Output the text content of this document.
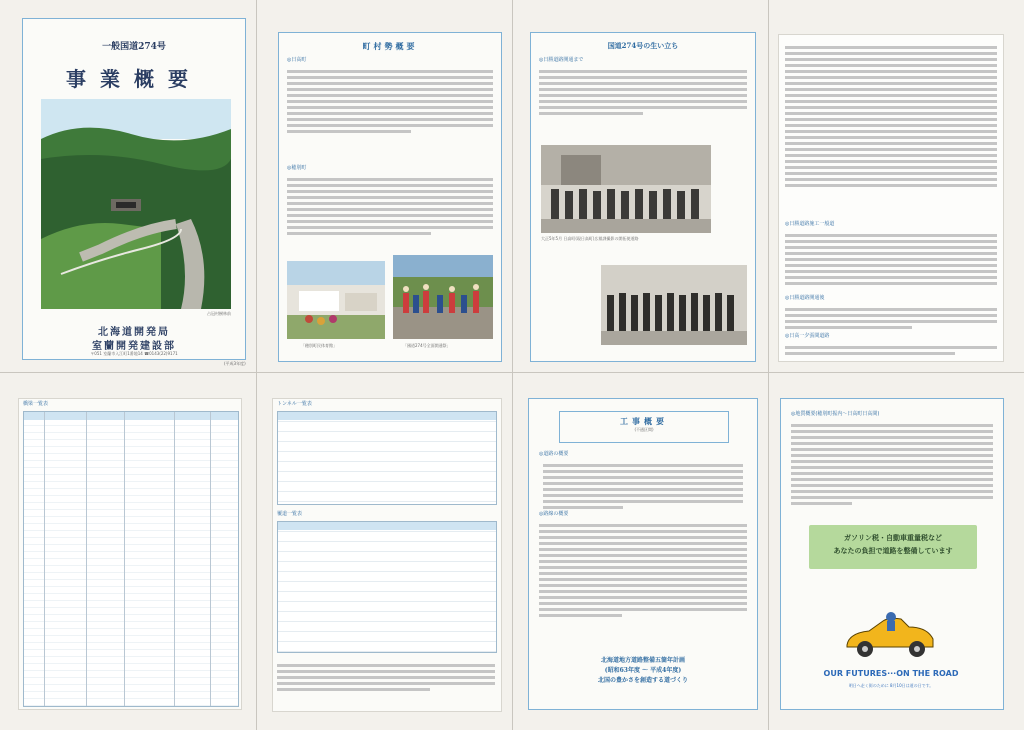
一般国道274号
事業概要
占冠村樹林前
北海道開発局
室蘭開発建設部
〒051 室蘭市入江町1番地14 ☎0143(22)9171
(平成3年度)
町村勢概要
◎日高町
◎穂別町
「穂別町民体育館」	「國道274号全面開通祭」
国道274号の生い立ち
◎日勝道路開通まで
大正5年5月 日高町(現日高町)広報課撮影の開拓使道路
◎日勝道路施工一般道
◎日勝道路開通後
◎日高一夕張間道路
橋梁一覧表	トンネル一覧表
覆道一覧表
工事概要
(不通区間)
◎道路の概要
◎路線の概要
北海道地方道路整備五箇年計画
(昭和63年度 〜 平成4年度)
北国の豊かさを創造する道づくり
◎地質概要(穂別町振内〜日高町日高間)
ガソリン税・自動車重量税など
あなたの負担で道路を整備しています
OUR FUTURES···ON THE ROAD
明日へ走く街のために 8月10日は道の日です。
